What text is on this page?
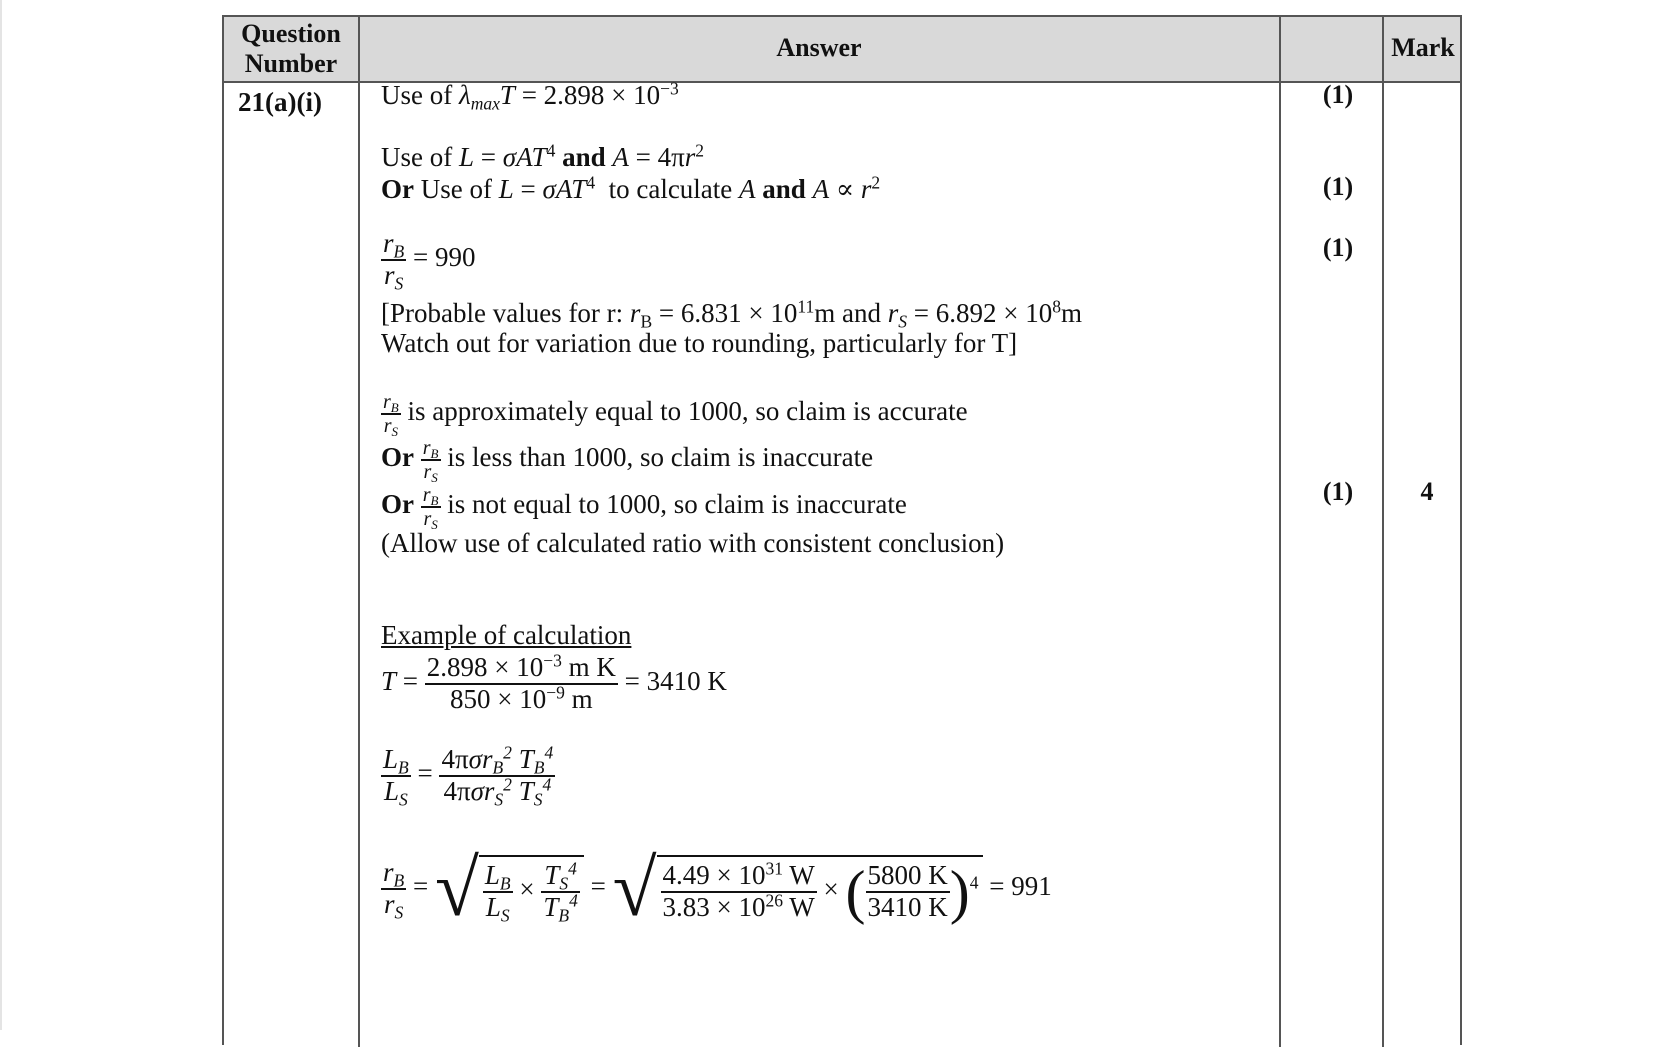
Question Number
Answer	Mark
21(a)(i) Use of $\lambda_{max}T = 2.898 \times 10^{-3}$
Use of L = σAT$^4$ and $A = 4\pi r^2$
Or Use of L = σAT$^4$ to calculate A and $A \propto r^2$
$\frac{r_B}{r_S} = 990$
[Probable values for r: $r_B = 6.831 \times 10^{11}m$ and $r_S = 6.892 \times 10^8m$
Watch out for variation due to rounding, particularly for T]
$\frac{r_B}{r_S}$ is approximately equal to 1000, so claim is accurate
Or $\frac{r_B}{r_S}$ is less than 1000, so claim is inaccurate
Or $\frac{r_B}{r_S}$ is not equal to 1000, so claim is inaccurate
(Allow use of calculated ratio with consistent conclusion)
Example of calculation
$T = \frac{2.898 \times 10^{-3} m K}{850 \times 10^{-9} m} = 3410$ K
$\frac{L_B}{L_S} = \frac{4\pi\sigma r_B^2 T_B^4}{4\pi\sigma r_S^2 T_S^4}$
$\frac{r_B}{r_S}$ = √ $\frac{L_B}{L_S} \times \frac{T_S^4}{T_B^4}$ = √ $\frac{4.49 \times 10^{31} W}{3.83 \times 10^{26} W}$ × ( $\frac{5800 K}{3410 K} )^4 = 991$
(1)
(1)
(1)
(1)	4
